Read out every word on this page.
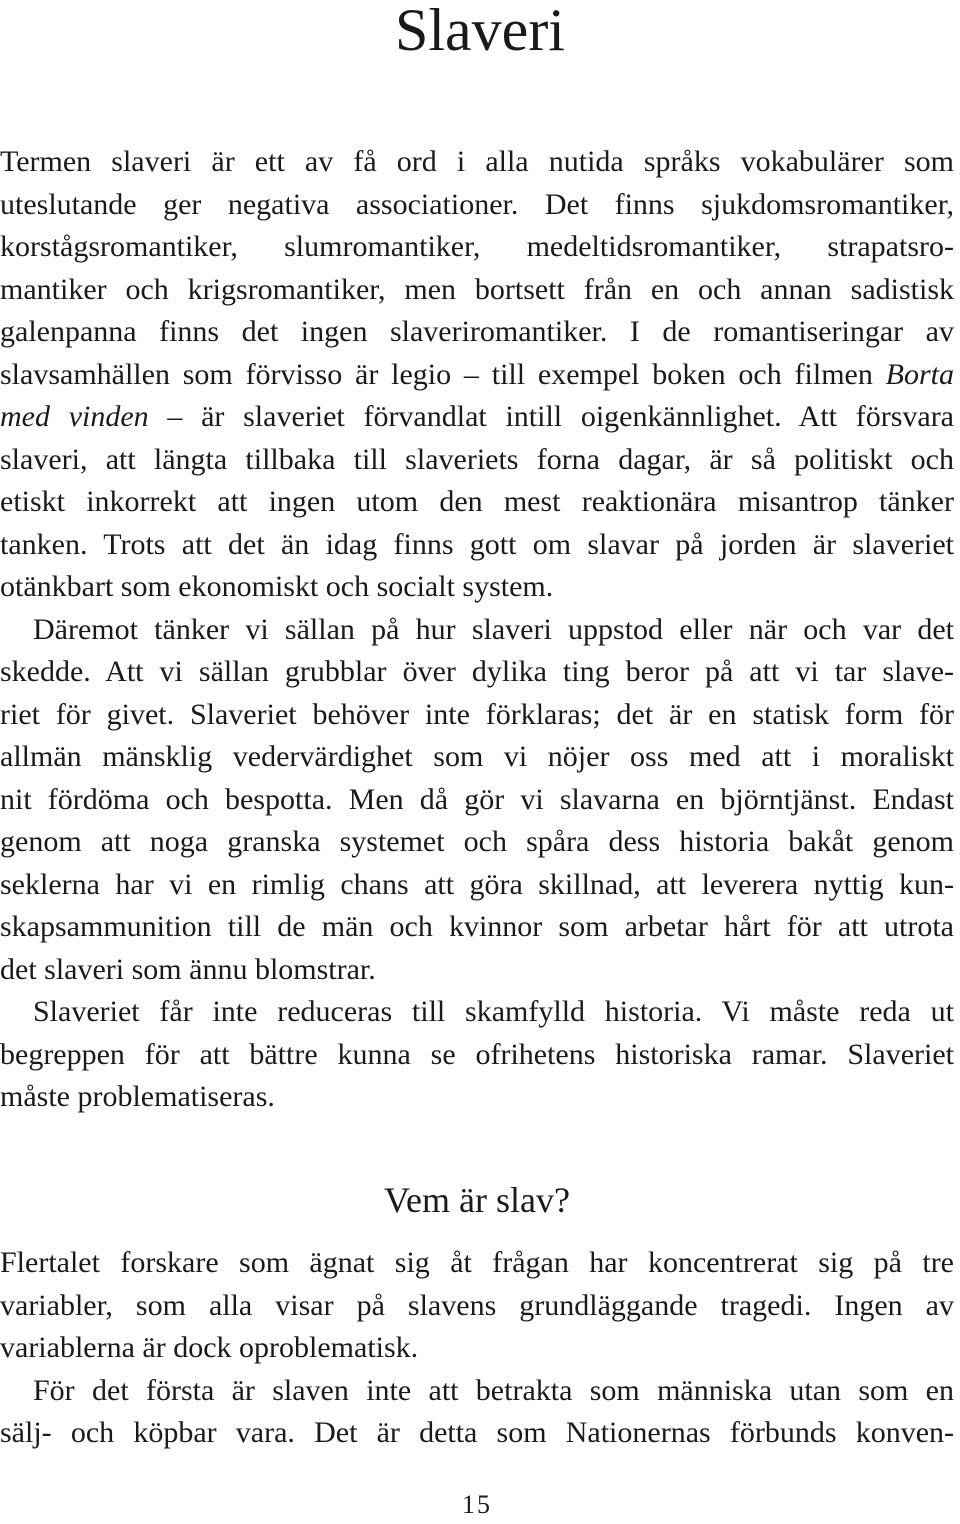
Slaveri

Termen slaveri är ett av få ord i alla nutida språks vokabulärer som
uteslutande ger negativa associationer. Det finns sjukdomsromantiker,
korstågsromantiker, slumromantiker, medeltidsromantiker, strapatsro-
mantiker och krigsromantiker, men bortsett från en och annan sadistisk
galenpanna finns det ingen slaveriromantiker. I de romantiseringar av
slavsamhällen som förvisso är legio – till exempel boken och filmen Borta
med vinden – är slaveriet förvandlat intill oigenkännlighet. Att försvara
slaveri, att längta tillbaka till slaveriets forna dagar, är så politiskt och
etiskt inkorrekt att ingen utom den mest reaktionära misantrop tänker
tanken. Trots att det än idag finns gott om slavar på jorden är slaveriet
otänkbart som ekonomiskt och socialt system.

Däremot tänker vi sällan på hur slaveri uppstod eller när och var det
skedde. Att vi sällan grubblar över dylika ting beror på att vi tar slave-
riet för givet. Slaveriet behöver inte förklaras; det är en statisk form för
allmän mänsklig vedervärdighet som vi nöjer oss med att i moraliskt
nit fördöma och bespotta. Men då gör vi slavarna en björntjänst. Endast
genom att noga granska systemet och spåra dess historia bakåt genom
seklerna har vi en rimlig chans att göra skillnad, att leverera nyttig kun-
skapsammunition till de män och kvinnor som arbetar hårt för att utrota
det slaveri som ännu blomstrar.

Slaveriet får inte reduceras till skamfylld historia. Vi måste reda ut
begreppen för att bättre kunna se ofrihetens historiska ramar. Slaveriet
måste problematiseras.

Vem är slav?

Flertalet forskare som ägnat sig åt frågan har koncentrerat sig på tre
variabler, som alla visar på slavens grundläggande tragedi. Ingen av
variablerna är dock oproblematisk.

För det första är slaven inte att betrakta som människa utan som en
sälj- och köpbar vara. Det är detta som Nationernas förbunds konven-

15
